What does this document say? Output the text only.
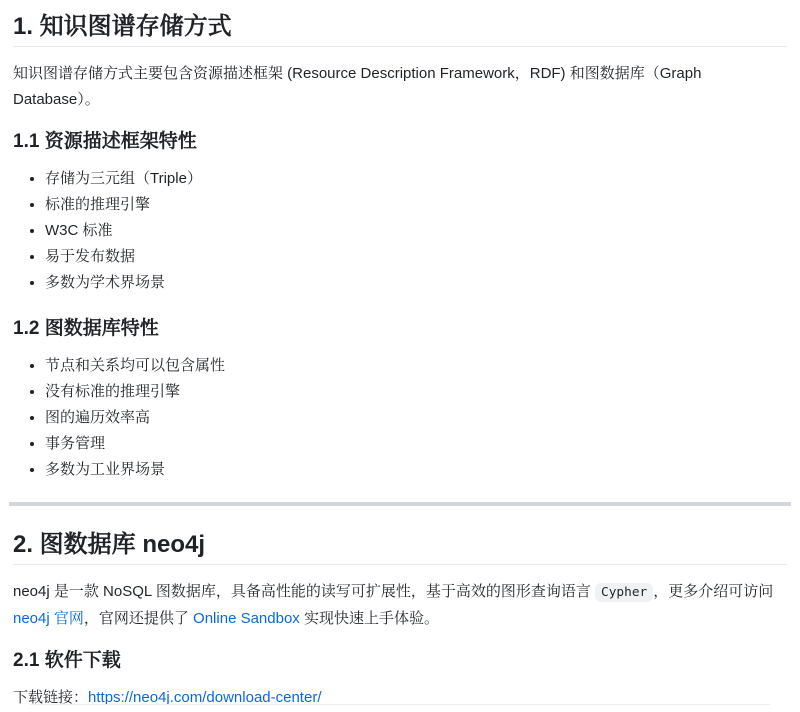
1. 知识图谱存储方式

知识图谱存储方式主要包含资源描述框架 (Resource Description Framework，RDF) 和图数据库（Graph Database）。

1.1 资源描述框架特性
• 存储为三元组（Triple）
• 标准的推理引擎
• W3C 标准
• 易于发布数据
• 多数为学术界场景
1.2 图数据库特性
• 节点和关系均可以包含属性
• 没有标准的推理引擎
• 图的遍历效率高
• 事务管理
• 多数为工业界场景
2. 图数据库 neo4j

neo4j 是一款 NoSQL 图数据库，具备高性能的读写可扩展性，基于高效的图形查询语言 Cypher ，更多介绍可访问 neo4j 官网，官网还提供了 Online Sandbox 实现快速上手体验。

2.1 软件下载

下载链接：https://neo4j.com/download-center/
